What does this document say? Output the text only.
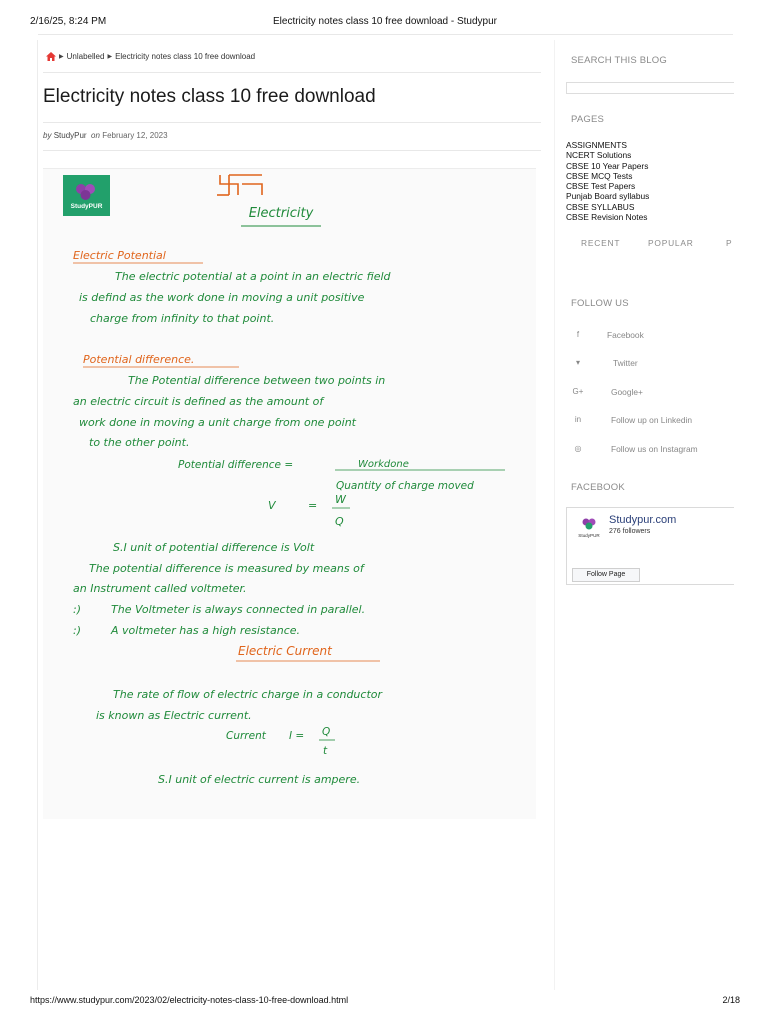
2/16/25, 8:24 PM	Electricity notes class 10 free download - Studypur
▶ Unlabelled ▶ Electricity notes class 10 free download
Electricity notes class 10 free download
by StudyPur on February 12, 2023
StudyPUR	Electricity
Electric Potential
The electric potential at a point in an electric field
is defind as the work done in moving a unit positive
charge from infinity to that point.
Potential difference.
The Potential difference between two points in
an electric circuit is defined as the amount of
work done in moving a unit charge from one point
to the other point.
Potential difference =	Workdone
Quantity of charge moved
V	= W
Q
S.I unit of potential difference is Volt
The potential difference is measured by means of
an Instrument called voltmeter.
:)	The Voltmeter is always connected in parallel.
:)	A voltmeter has a high resistance.
Electric Current
The rate of flow of electric charge in a conductor
is known as Electric current.
Current I = Q
t
S.I unit of electric current is ampere.
SEARCH THIS BLOG
PAGES
ASSIGNMENTS
NCERT Solutions
CBSE 10 Year Papers
CBSE MCQ Tests
CBSE Test Papers
Punjab Board syllabus
CBSE SYLLABUS
CBSE Revision Notes
RECENT	POPULAR	P
FOLLOW US
f	Facebook
▾	Twitter
G+	Google+
in	Follow up on Linkedin
◎	Follow us on Instagram
FACEBOOK
StudyPUR
Studypur.com
276 followers
Follow Page
https://www.studypur.com/2023/02/electricity-notes-class-10-free-download.html	2/18
